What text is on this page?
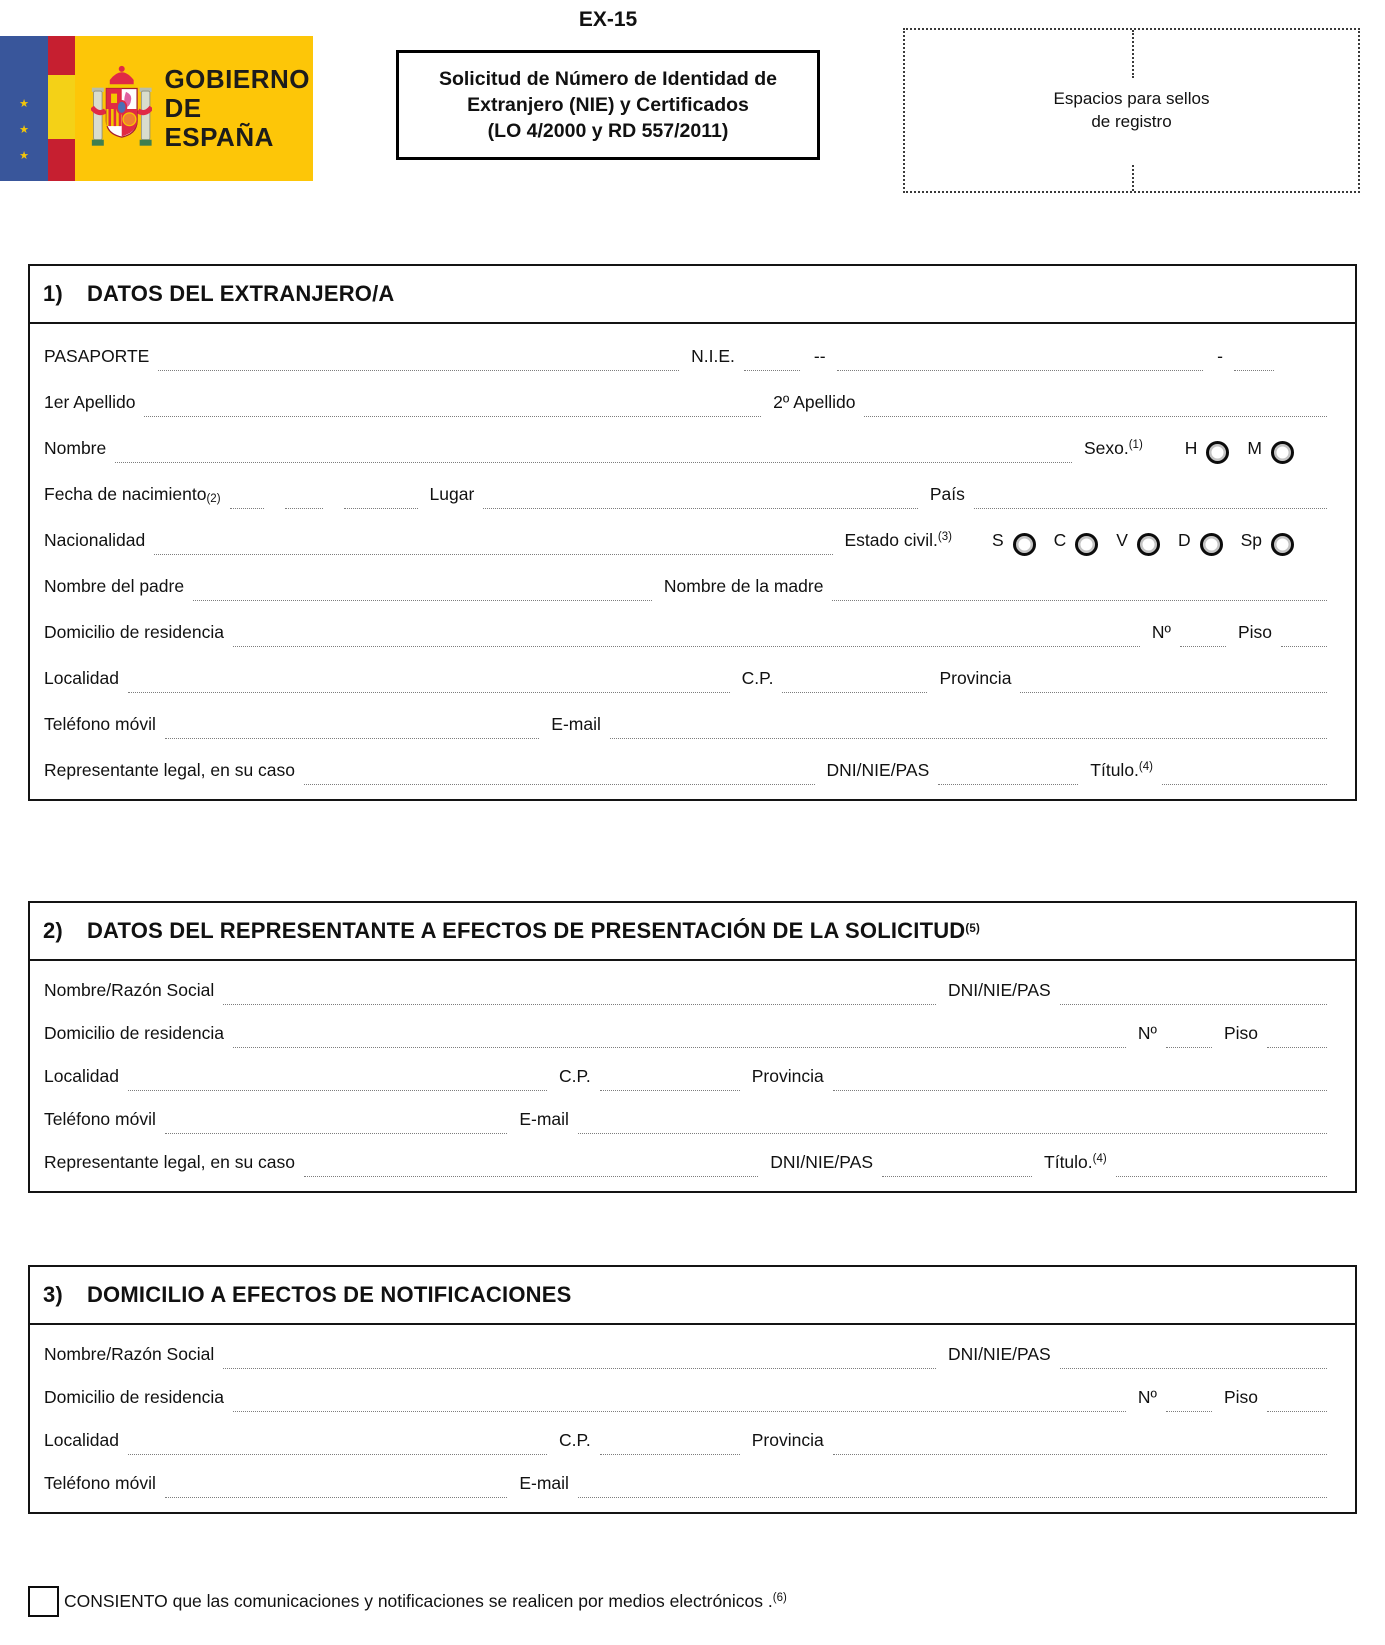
★
★
★
GOBIERNO
DE ESPAÑA
EX-15
Solicitud de Número de Identidad de
Extranjero (NIE) y Certificados
(LO 4/2000 y RD 557/2011)
Espacios para sellos
de registro
1) DATOS DEL EXTRANJERO/A
PASAPORTE	N.I.E.	--	-
1er Apellido	2º Apellido
Nombre	Sexo.$^{(1)}$ H	M
Fecha de nacimiento(2)	Lugar	País
Nacionalidad	Estado civil.$^{(3)}$ S	C	V	D	Sp
Nombre del padre	Nombre de la madre
Domicilio de residencia	Nº	Piso
Localidad	C.P.	Provincia
Teléfono móvil	E-mail
Representante legal, en su caso	DNI/NIE/PAS	Título.$^{(4)}$
2) DATOS DEL REPRESENTANTE A EFECTOS DE PRESENTACIÓN DE LA SOLICITUD$^{(5)}$
Nombre/Razón Social	DNI/NIE/PAS
Domicilio de residencia	Nº	Piso
Localidad	C.P.	Provincia
Teléfono móvil	E-mail
Representante legal, en su caso	DNI/NIE/PAS	Título.$^{(4)}$
3) DOMICILIO A EFECTOS DE NOTIFICACIONES
Nombre/Razón Social	DNI/NIE/PAS
Domicilio de residencia	Nº	Piso
Localidad	C.P.	Provincia
Teléfono móvil	E-mail
CONSIENTO que las comunicaciones y notificaciones se realicen por medios electrónicos .$^{(6)}$
